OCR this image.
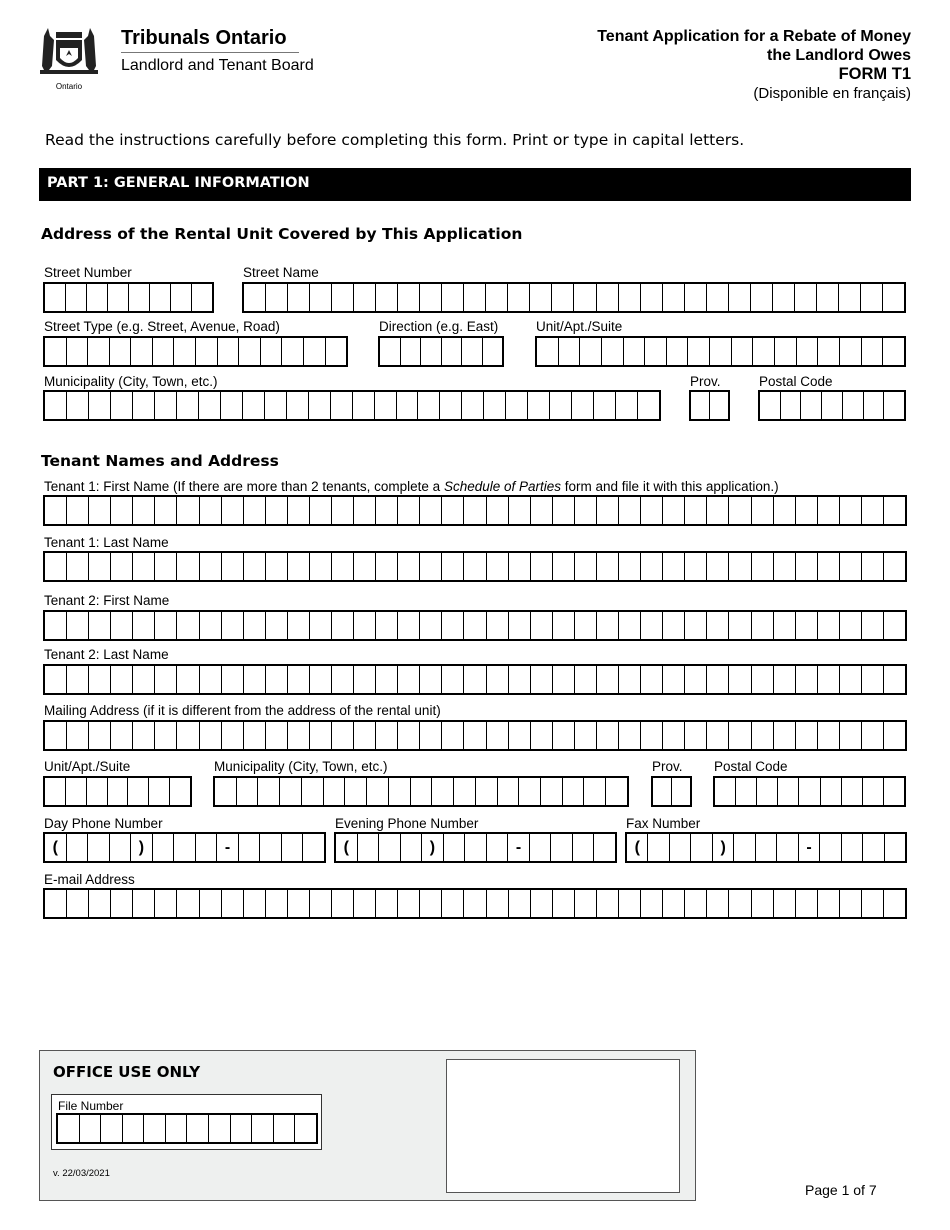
Ontario
Tribunals Ontario
Landlord and Tenant Board
Tenant Application for a Rebate of Money
the Landlord Owes
FORM T1
(Disponible en français)
Read the instructions carefully before completing this form. Print or type in capital letters.
PART 1: GENERAL INFORMATION
Address of the Rental Unit Covered by This Application
Street Number	Street Name
Street Type (e.g. Street, Avenue, Road)	Direction (e.g. East)	Unit/Apt./Suite
Municipality (City, Town, etc.)	Prov.	Postal Code
Tenant Names and Address
Tenant 1: First Name (If there are more than 2 tenants, complete a Schedule of Parties form and file it with this application.)
Tenant 1: Last Name
Tenant 2: First Name
Tenant 2: Last Name
Mailing Address (if it is different from the address of the rental unit)
Unit/Apt./Suite	Municipality (City, Town, etc.)	Prov. Postal Code
Day Phone Number
(	)	-
Evening Phone Number
(	)	-
Fax Number
(	)	-
E-mail Address
OFFICE USE ONLY
File Number
v. 22/03/2021
Page 1 of 7
